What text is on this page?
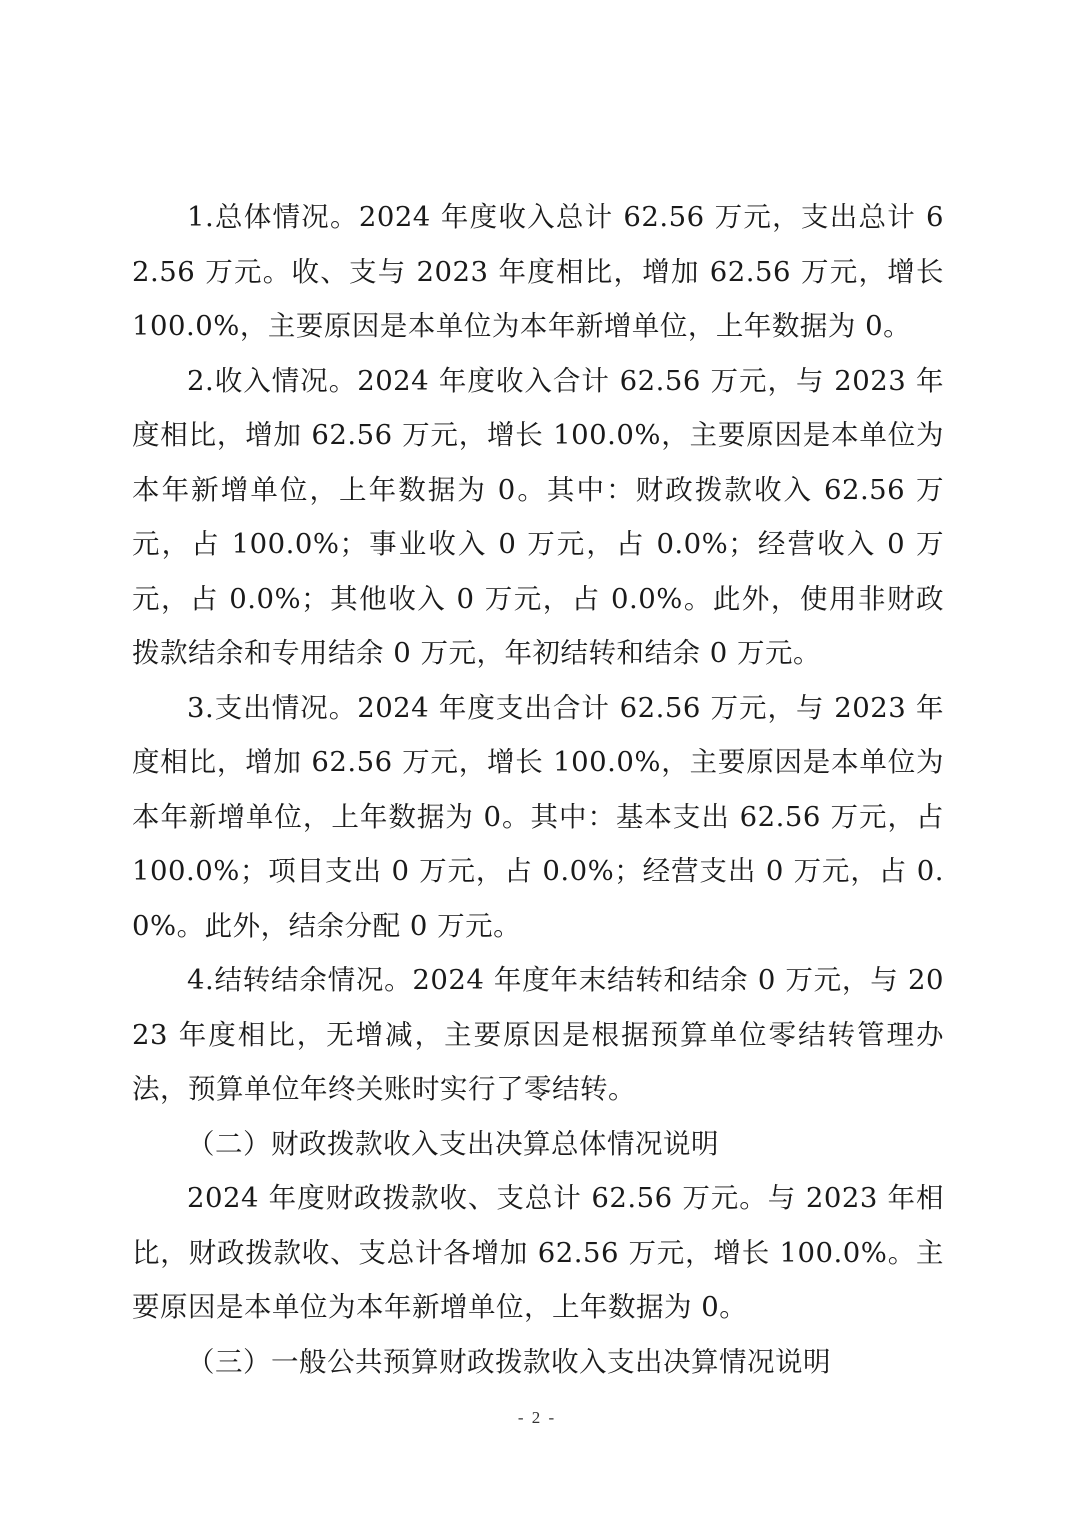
1.总体情况。2024 年度收入总计 62.56 万元，支出总计 62.56 万元。收、支与 2023 年度相比，增加 62.56 万元，增长 100.0%，主要原因是本单位为本年新增单位，上年数据为 0。

2.收入情况。2024 年度收入合计 62.56 万元，与 2023 年度相比，增加 62.56 万元，增长 100.0%，主要原因是本单位为本年新增单位，上年数据为 0。其中：财政拨款收入 62.56 万元，占 100.0%；事业收入 0 万元，占 0.0%；经营收入 0 万元，占 0.0%；其他收入 0 万元，占 0.0%。此外，使用非财政拨款结余和专用结余 0 万元，年初结转和结余 0 万元。

3.支出情况。2024 年度支出合计 62.56 万元，与 2023 年度相比，增加 62.56 万元，增长 100.0%，主要原因是本单位为本年新增单位，上年数据为 0。其中：基本支出 62.56 万元，占 100.0%；项目支出 0 万元，占 0.0%；经营支出 0 万元，占 0.0%。此外，结余分配 0 万元。

4.结转结余情况。2024 年度年末结转和结余 0 万元，与 2023 年度相比，无增减，主要原因是根据预算单位零结转管理办法，预算单位年终关账时实行了零结转。

（二）财政拨款收入支出决算总体情况说明

2024 年度财政拨款收、支总计 62.56 万元。与 2023 年相比，财政拨款收、支总计各增加 62.56 万元，增长 100.0%。主要原因是本单位为本年新增单位，上年数据为 0。

（三）一般公共预算财政拨款收入支出决算情况说明

- 2 -
